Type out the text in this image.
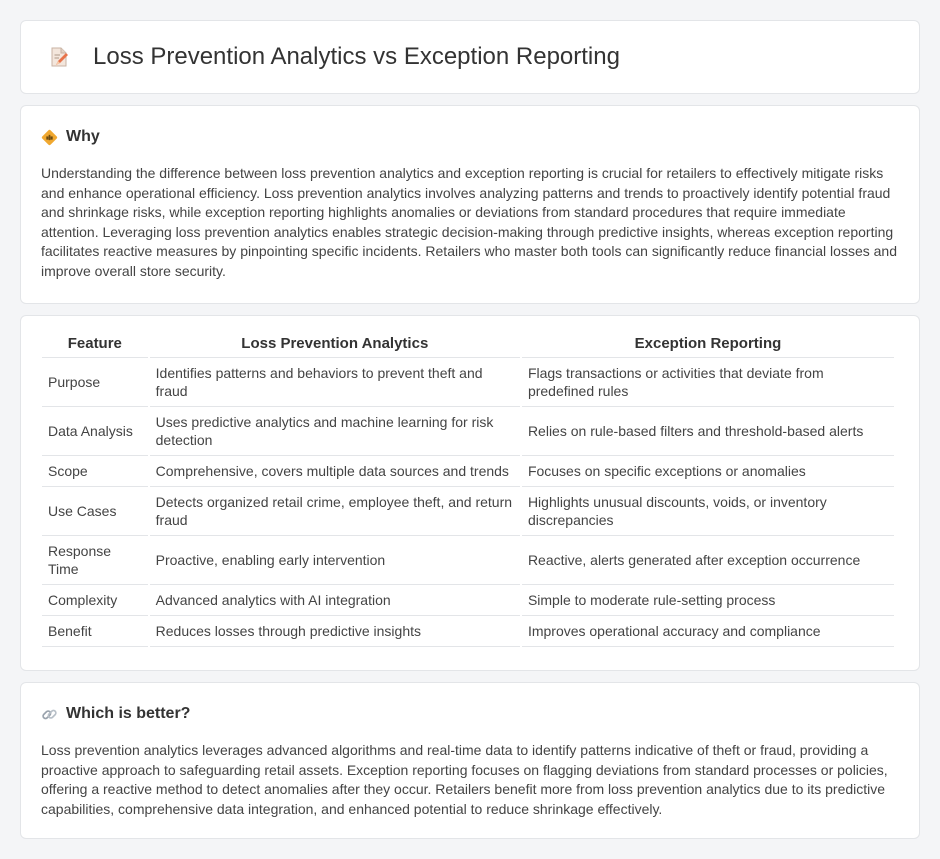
Loss Prevention Analytics vs Exception Reporting
Why

Understanding the difference between loss prevention analytics and exception reporting is crucial for retailers to effectively mitigate risks and enhance operational efficiency. Loss prevention analytics involves analyzing patterns and trends to proactively identify potential fraud and shrinkage risks, while exception reporting highlights anomalies or deviations from standard procedures that require immediate attention. Leveraging loss prevention analytics enables strategic decision-making through predictive insights, whereas exception reporting facilitates reactive measures by pinpointing specific incidents. Retailers who master both tools can significantly reduce financial losses and improve overall store security.

Feature	Loss Prevention Analytics	Exception Reporting
Purpose	Identifies patterns and behaviors to prevent theft and fraud	Flags transactions or activities that deviate from predefined rules
Data Analysis	Uses predictive analytics and machine learning for risk detection	Relies on rule-based filters and threshold-based alerts
Scope	Comprehensive, covers multiple data sources and trends	Focuses on specific exceptions or anomalies
Use Cases	Detects organized retail crime, employee theft, and return fraud	Highlights unusual discounts, voids, or inventory discrepancies
Response Time	Proactive, enabling early intervention	Reactive, alerts generated after exception occurrence
Complexity	Advanced analytics with AI integration	Simple to moderate rule-setting process
Benefit	Reduces losses through predictive insights	Improves operational accuracy and compliance
Which is better?

Loss prevention analytics leverages advanced algorithms and real-time data to identify patterns indicative of theft or fraud, providing a proactive approach to safeguarding retail assets. Exception reporting focuses on flagging deviations from standard processes or policies, offering a reactive method to detect anomalies after they occur. Retailers benefit more from loss prevention analytics due to its predictive capabilities, comprehensive data integration, and enhanced potential to reduce shrinkage effectively.
